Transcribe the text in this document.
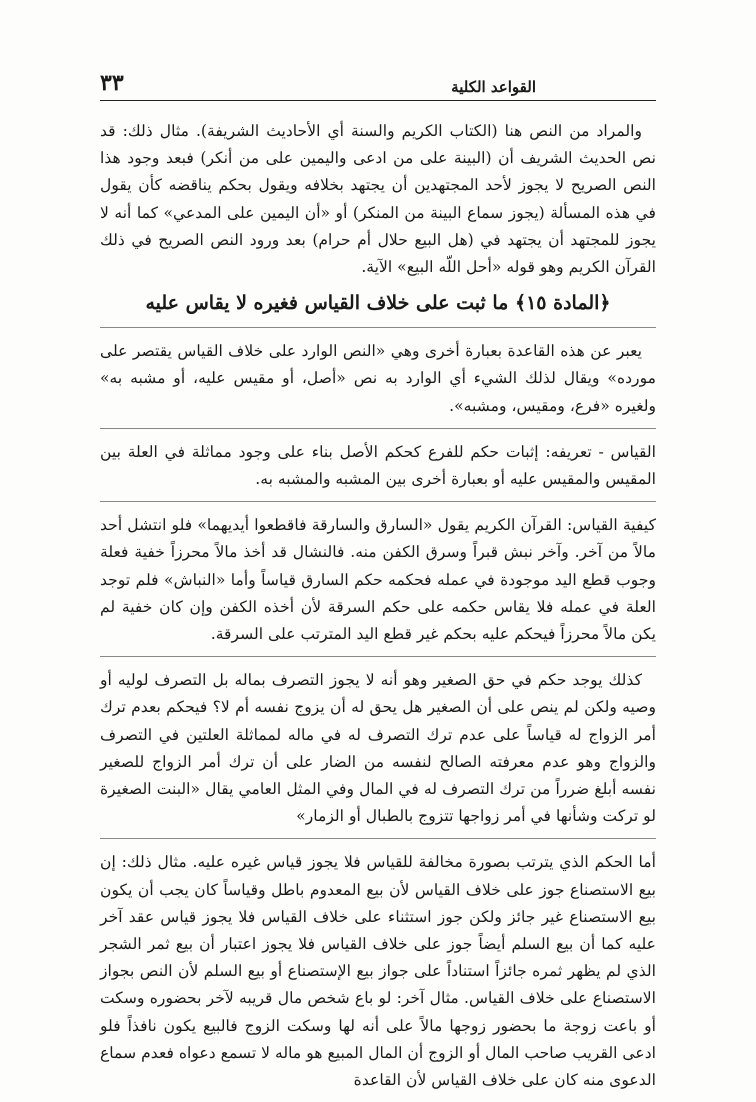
القواعد الكلية
٣٣

والمراد من النص هنا (الكتاب الكريم والسنة أي الأحاديث الشريفة). مثال ذلك: قد نص الحديث الشريف أن (البينة على من ادعى واليمين على من أنكر) فبعد وجود هذا النص الصريح لا يجوز لأحد المجتهدين أن يجتهد بخلافه ويقول بحكم يناقضه كأن يقول في هذه المسألة (يجوز سماع البينة من المنكر) أو «أن اليمين على المدعي» كما أنه لا يجوز للمجتهد أن يجتهد في (هل البيع حلال أم حرام) بعد ورود النص الصريح في ذلك القرآن الكريم وهو قوله «أحل اللّه البيع» الآية.

﴿المادة ١٥﴾ ما ثبت على خلاف القياس فغيره لا يقاس عليه

يعبر عن هذه القاعدة بعبارة أخرى وهي «النص الوارد على خلاف القياس يقتصر على مورده» ويقال لذلك الشيء أي الوارد به نص «أصل، أو مقيس عليه، أو مشبه به» ولغيره «فرع، ومقيس، ومشبه».

القياس - تعريفه: إثبات حكم للفرع كحكم الأصل بناء على وجود مماثلة في العلة بين المقيس والمقيس عليه أو بعبارة أخرى بين المشبه والمشبه به.

كيفية القياس: القرآن الكريم يقول «السارق والسارقة فاقطعوا أيديهما» فلو انتشل أحد مالاً من آخر. وآخر نبش قبراً وسرق الكفن منه. فالنشال قد أخذ مالاً محرزاً خفية فعلة وجوب قطع اليد موجودة في عمله فحكمه حكم السارق قياساً وأما «النباش» فلم توجد العلة في عمله فلا يقاس حكمه على حكم السرقة لأن أخذه الكفن وإن كان خفية لم يكن مالاً محرزاً فيحكم عليه بحكم غير قطع اليد المترتب على السرقة.

كذلك يوجد حكم في حق الصغير وهو أنه لا يجوز التصرف بماله بل التصرف لوليه أو وصيه ولكن لم ينص على أن الصغير هل يحق له أن يزوج نفسه أم لا؟ فيحكم بعدم ترك أمر الزواج له قياساً على عدم ترك التصرف له في ماله لمماثلة العلتين في التصرف والزواج وهو عدم معرفته الصالح لنفسه من الضار على أن ترك أمر الزواج للصغير نفسه أبلغ ضرراً من ترك التصرف له في المال وفي المثل العامي يقال «البنت الصغيرة لو تركت وشأنها في أمر زواجها تتزوج بالطبال أو الزمار»

أما الحكم الذي يترتب بصورة مخالفة للقياس فلا يجوز قياس غيره عليه. مثال ذلك: إن بيع الاستصناع جوز على خلاف القياس لأن بيع المعدوم باطل وقياساً كان يجب أن يكون بيع الاستصناع غير جائز ولكن جوز استثناء على خلاف القياس فلا يجوز قياس عقد آخر عليه كما أن بيع السلم أيضاً جوز على خلاف القياس فلا يجوز اعتبار أن بيع ثمر الشجر الذي لم يظهر ثمره جائزاً استناداً على جواز بيع الإستصناع أو بيع السلم لأن النص بجواز الاستصناع على خلاف القياس. مثال آخر: لو باع شخص مال قريبه لآخر بحضوره وسكت أو باعت زوجة ما بحضور زوجها مالاً على أنه لها وسكت الزوج فالبيع يكون نافذاً فلو ادعى القريب صاحب المال أو الزوج أن المال المبيع هو ماله لا تسمع دعواه فعدم سماع الدعوى منه كان على خلاف القياس لأن القاعدة
